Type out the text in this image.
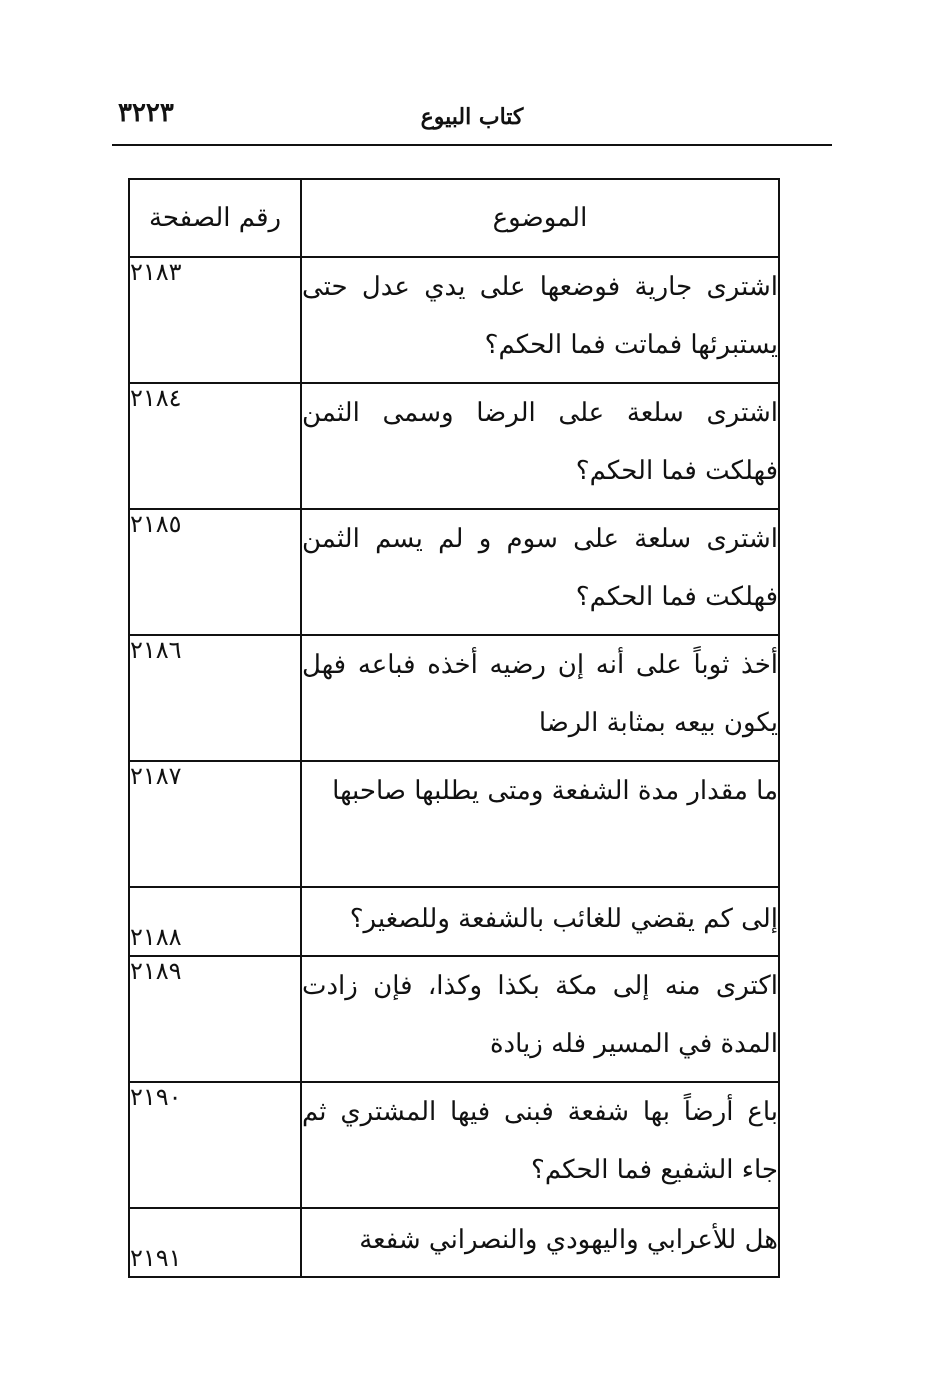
٣٢٢٣	كتاب البيوع
الموضوع	رقم الصفحة
اشترى جارية فوضعها على يدي عدل حتى يستبرئها فماتت فما الحكم؟	٢١٨٣
اشترى سلعة على الرضا وسمى الثمن فهلكت فما الحكم؟	٢١٨٤
اشترى سلعة على سوم و لم يسم الثمن فهلكت فما الحكم؟	٢١٨٥
أخذ ثوباً على أنه إن رضيه أخذه فباعه فهل يكون بيعه بمثابة الرضا	٢١٨٦
ما مقدار مدة الشفعة ومتى يطلبها صاحبها	٢١٨٧
إلى كم يقضي للغائب بالشفعة وللصغير؟	٢١٨٨
اكترى منه إلى مكة بكذا وكذا، فإن زادت المدة في المسير فله زيادة	٢١٨٩
باع أرضاً بها شفعة فبنى فيها المشتري ثم جاء الشفيع فما الحكم؟	٢١٩٠
هل للأعرابي واليهودي والنصراني شفعة	٢١٩١
